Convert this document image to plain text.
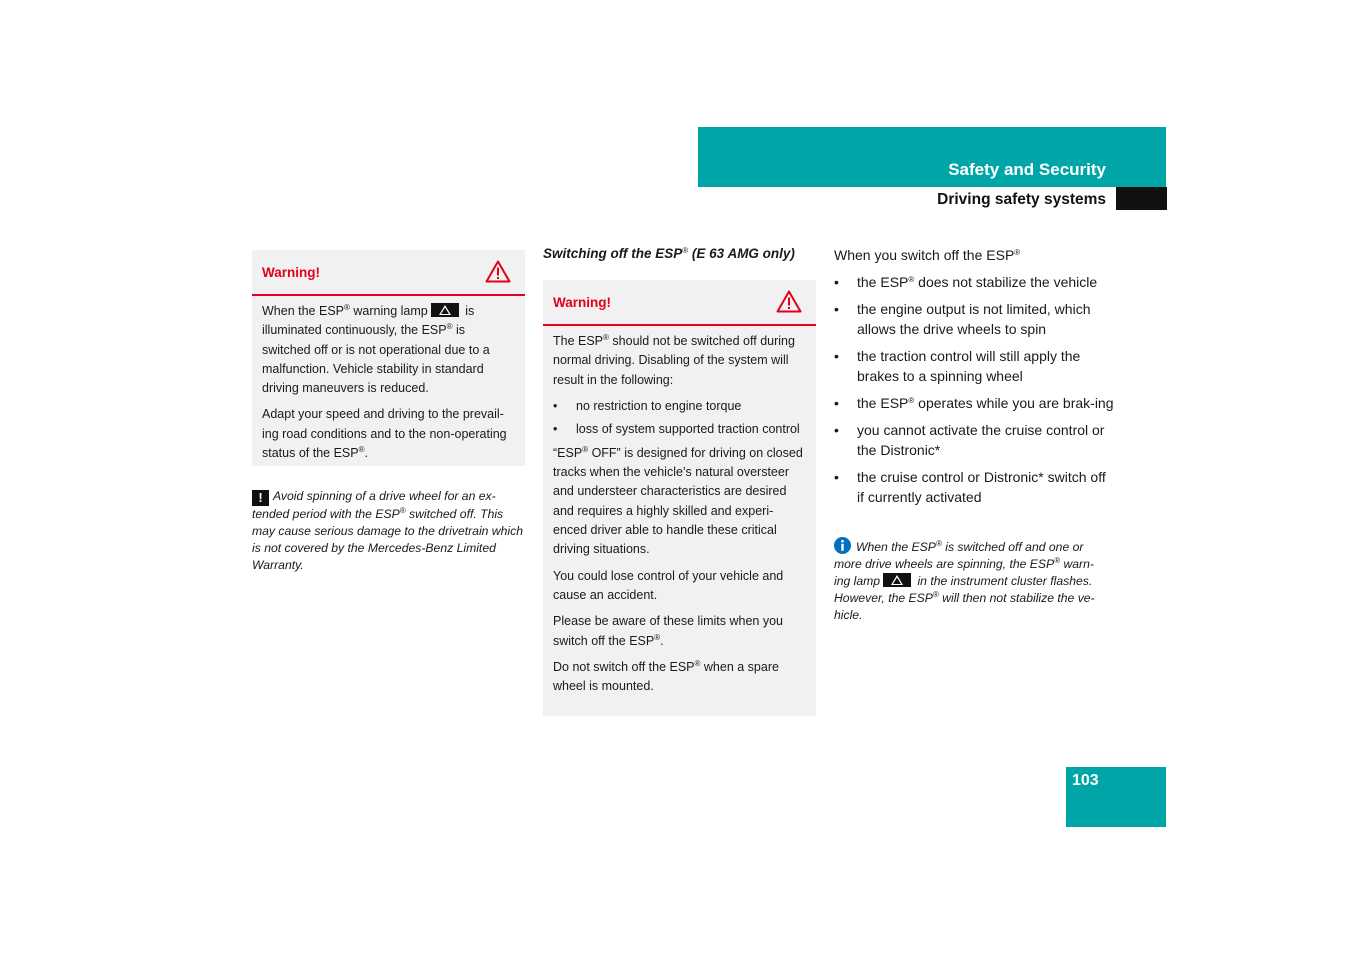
Safety and Security
Driving safety systems
Warning!

When the ESP® warning lamp	is illuminated continuously, the ESP® is switched off or is not operational due to a malfunction. Vehicle stability in standard driving maneuvers is reduced.

Adapt your speed and driving to the prevail-ing road conditions and to the non-operating status of the ESP®.

! Avoid spinning of a drive wheel for an ex-tended period with the ESP® switched off. This may cause serious damage to the drivetrain which is not covered by the Mercedes-Benz Limited Warranty.
Switching off the ESP® (E 63 AMG only)
Warning!

The ESP® should not be switched off during normal driving. Disabling of the system will result in the following:

• no restriction to engine torque
• loss of system supported traction control

“ESP® OFF” is designed for driving on closed tracks when the vehicle’s natural oversteer and understeer characteristics are desired and requires a highly skilled and experi-enced driver able to handle these critical driving situations.

You could lose control of your vehicle and cause an accident.

Please be aware of these limits when you switch off the ESP®.

Do not switch off the ESP® when a spare wheel is mounted.

When you switch off the ESP®
• the ESP® does not stabilize the vehicle
• the engine output is not limited, which allows the drive wheels to spin
• the traction control will still apply the brakes to a spinning wheel
• the ESP® operates while you are brak-ing
• you cannot activate the cruise control or the Distronic*
• the cruise control or Distronic* switch off if currently activated
When the ESP® is switched off and one or more drive wheels are spinning, the ESP® warn-ing lamp	in the instrument cluster flashes. However, the ESP® will then not stabilize the ve-hicle.
103
